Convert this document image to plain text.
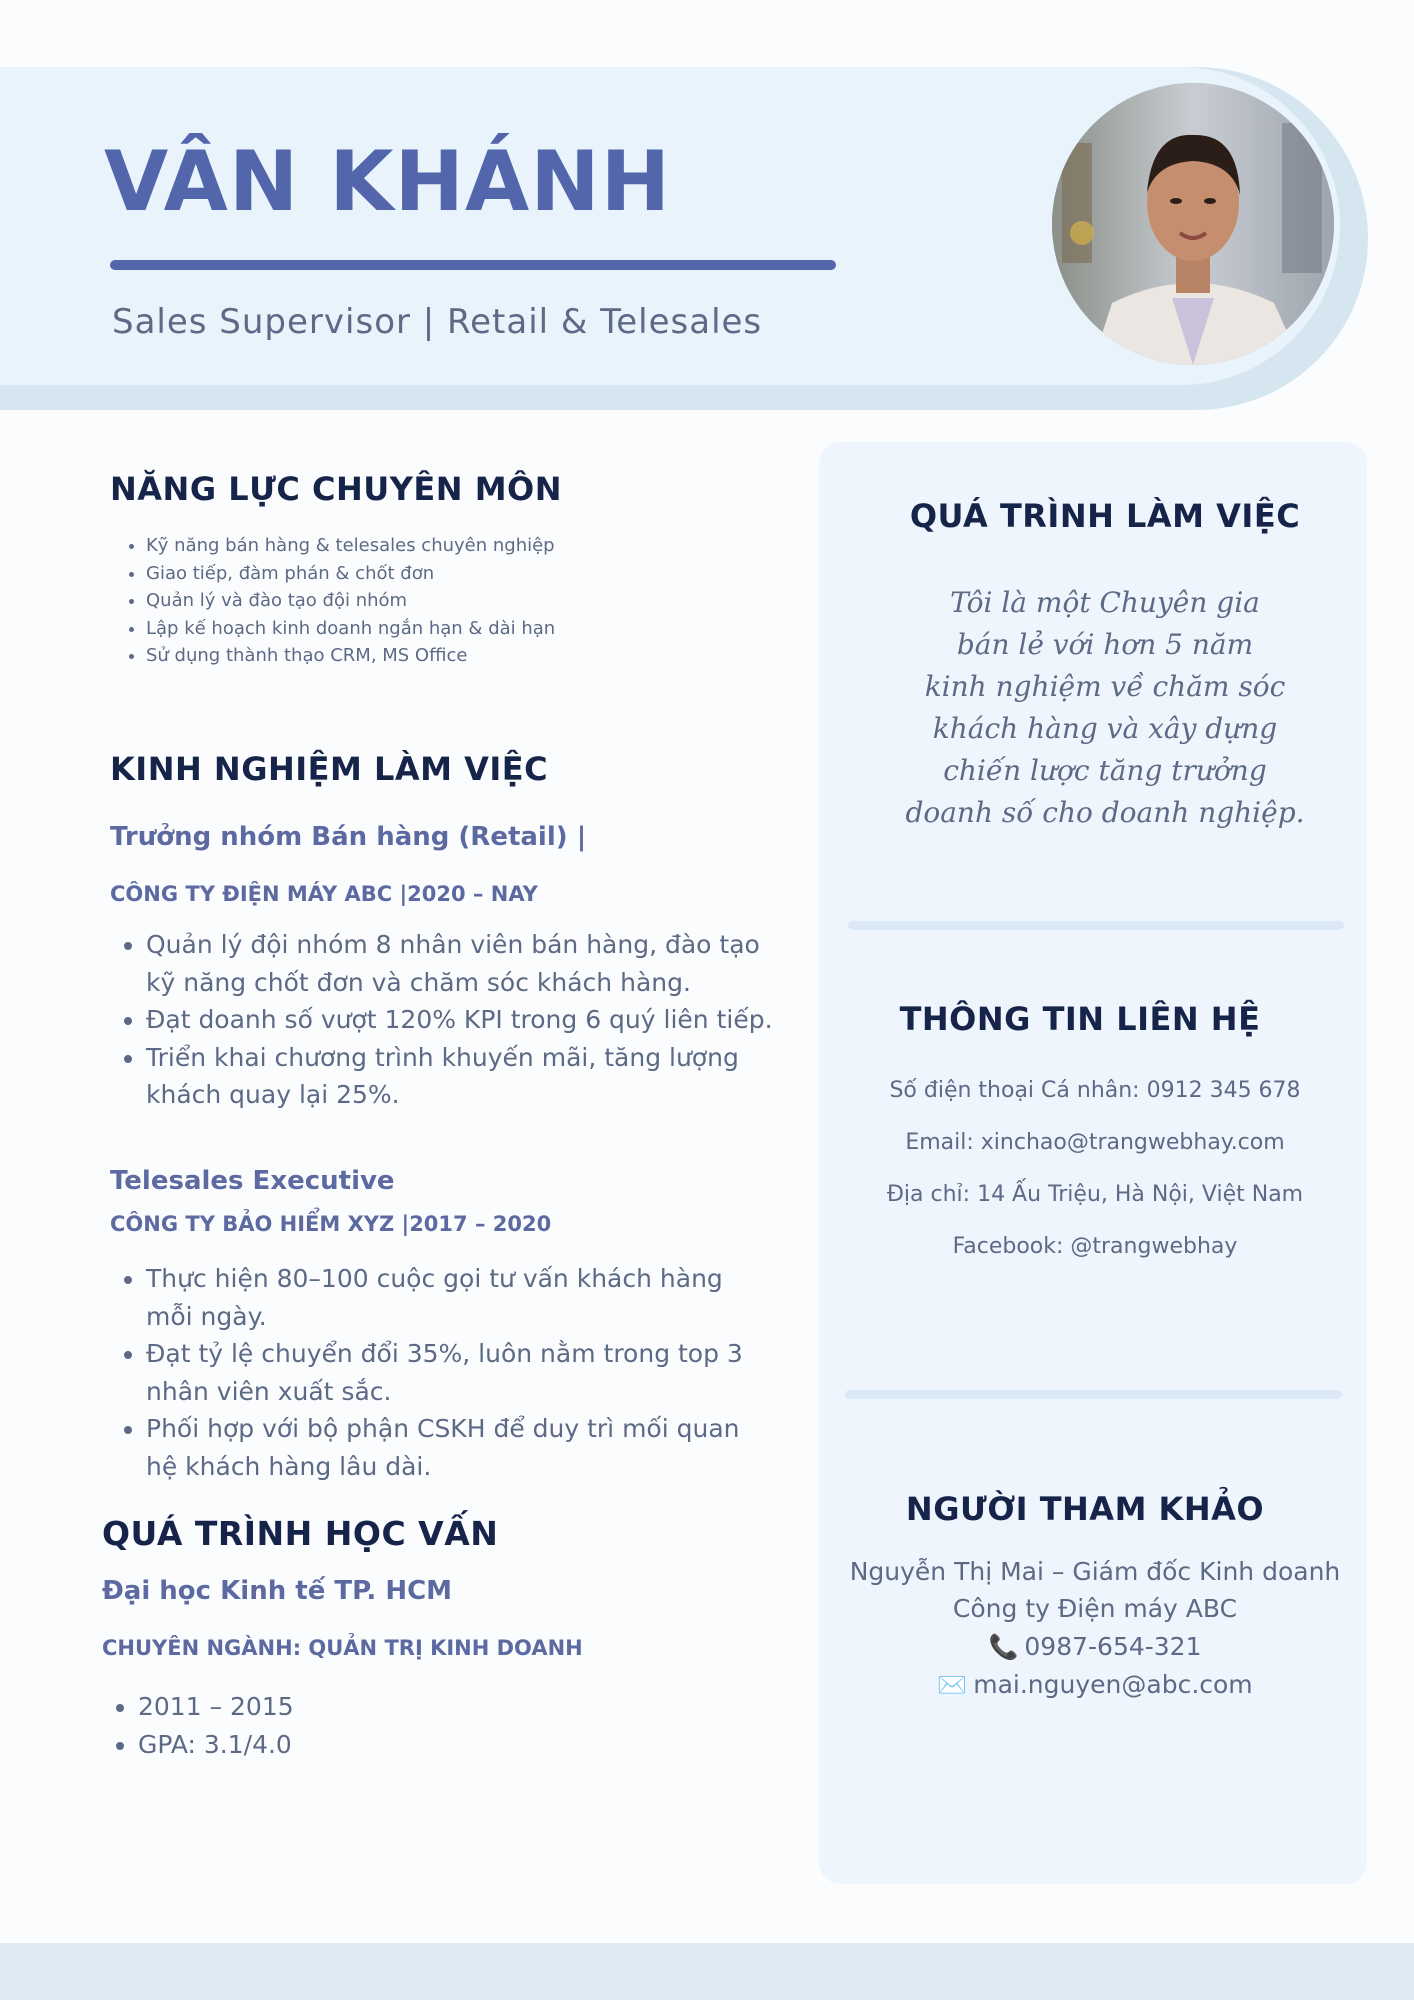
VÂN KHÁNH
Sales Supervisor | Retail & Telesales
NĂNG LỰC CHUYÊN MÔN
• Kỹ năng bán hàng & telesales chuyên nghiệp
• Giao tiếp, đàm phán & chốt đơn
• Quản lý và đào tạo đội nhóm
• Lập kế hoạch kinh doanh ngắn hạn & dài hạn
• Sử dụng thành thạo CRM, MS Office
KINH NGHIỆM LÀM VIỆC
Trưởng nhóm Bán hàng (Retail) |
CÔNG TY ĐIỆN MÁY ABC |2020 – NAY
• Quản lý đội nhóm 8 nhân viên bán hàng, đào tạo kỹ năng chốt đơn và chăm sóc khách hàng.
• Đạt doanh số vượt 120% KPI trong 6 quý liên tiếp.
• Triển khai chương trình khuyến mãi, tăng lượng khách quay lại 25%.
Telesales Executive
CÔNG TY BẢO HIỂM XYZ |2017 – 2020
• Thực hiện 80–100 cuộc gọi tư vấn khách hàng mỗi ngày.
• Đạt tỷ lệ chuyển đổi 35%, luôn nằm trong top 3 nhân viên xuất sắc.
• Phối hợp với bộ phận CSKH để duy trì mối quan hệ khách hàng lâu dài.
QUÁ TRÌNH HỌC VẤN
Đại học Kinh tế TP. HCM
CHUYÊN NGÀNH: QUẢN TRỊ KINH DOANH
• 2011 – 2015
• GPA: 3.1/4.0
QUÁ TRÌNH LÀM VIỆC
Tôi là một Chuyên gia
bán lẻ với hơn 5 năm
kinh nghiệm về chăm sóc
khách hàng và xây dựng
chiến lược tăng trưởng
doanh số cho doanh nghiệp.
THÔNG TIN LIÊN HỆ
Số điện thoại Cá nhân: 0912 345 678
Email: xinchao@trangwebhay.com
Địa chỉ: 14 Ấu Triệu, Hà Nội, Việt Nam
Facebook: @trangwebhay
NGƯỜI THAM KHẢO
Nguyễn Thị Mai – Giám đốc Kinh doanh
Công ty Điện máy ABC
📞 0987-654-321
✉️ mai.nguyen@abc.com
